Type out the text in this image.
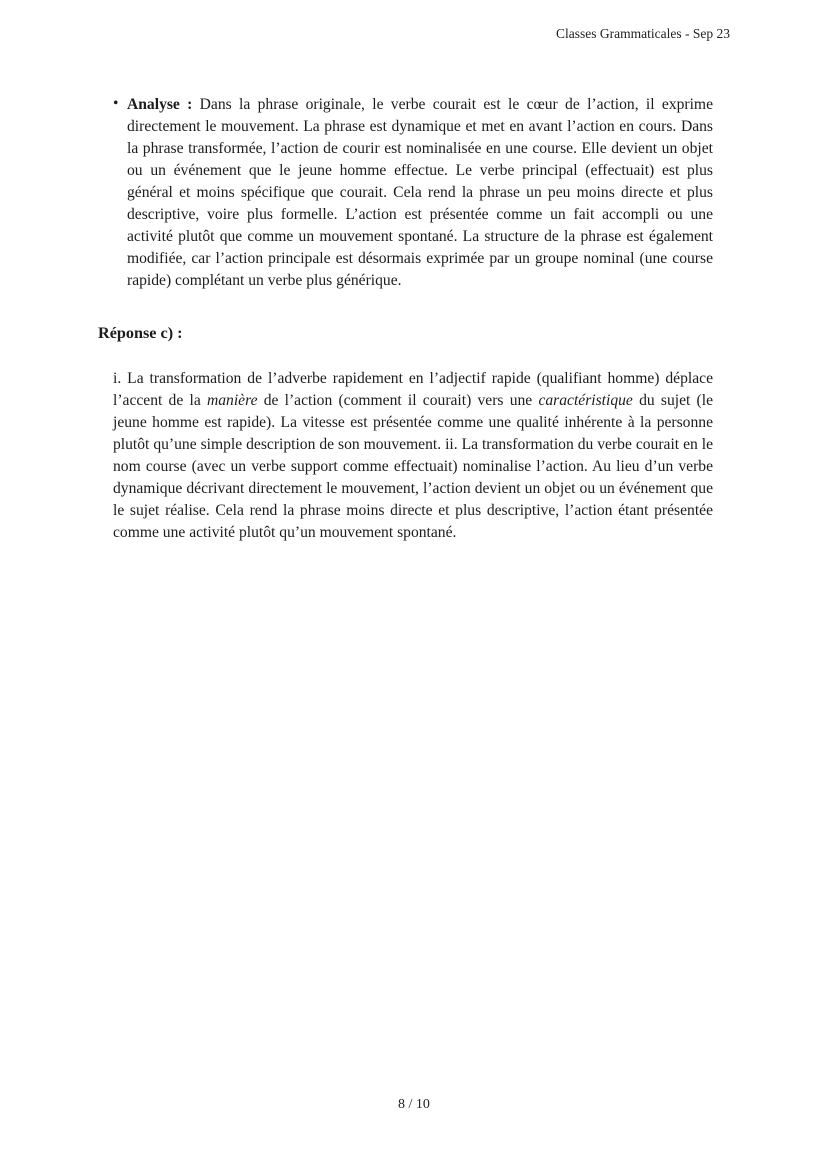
Classes Grammaticales - Sep 23
• Analyse : Dans la phrase originale, le verbe courait est le cœur de l’action, il exprime directement le mouvement. La phrase est dynamique et met en avant l’action en cours. Dans la phrase transformée, l’action de courir est nominalisée en une course. Elle devient un objet ou un événement que le jeune homme effectue. Le verbe principal (effectuait) est plus général et moins spécifique que courait. Cela rend la phrase un peu moins directe et plus descriptive, voire plus formelle. L’action est présentée comme un fait accompli ou une activité plutôt que comme un mouvement spontané. La structure de la phrase est également modifiée, car l’action principale est désormais exprimée par un groupe nominal (une course rapide) complétant un verbe plus générique.
Réponse c) :

i. La transformation de l’adverbe rapidement en l’adjectif rapide (qualifiant homme) déplace l’accent de la manière de l’action (comment il courait) vers une caractéristique du sujet (le jeune homme est rapide). La vitesse est présentée comme une qualité inhérente à la personne plutôt qu’une simple description de son mouvement. ii. La transformation du verbe courait en le nom course (avec un verbe support comme effectuait) nominalise l’action. Au lieu d’un verbe dynamique décrivant directement le mouvement, l’action devient un objet ou un événement que le sujet réalise. Cela rend la phrase moins directe et plus descriptive, l’action étant présentée comme une activité plutôt qu’un mouvement spontané.

8 / 10
